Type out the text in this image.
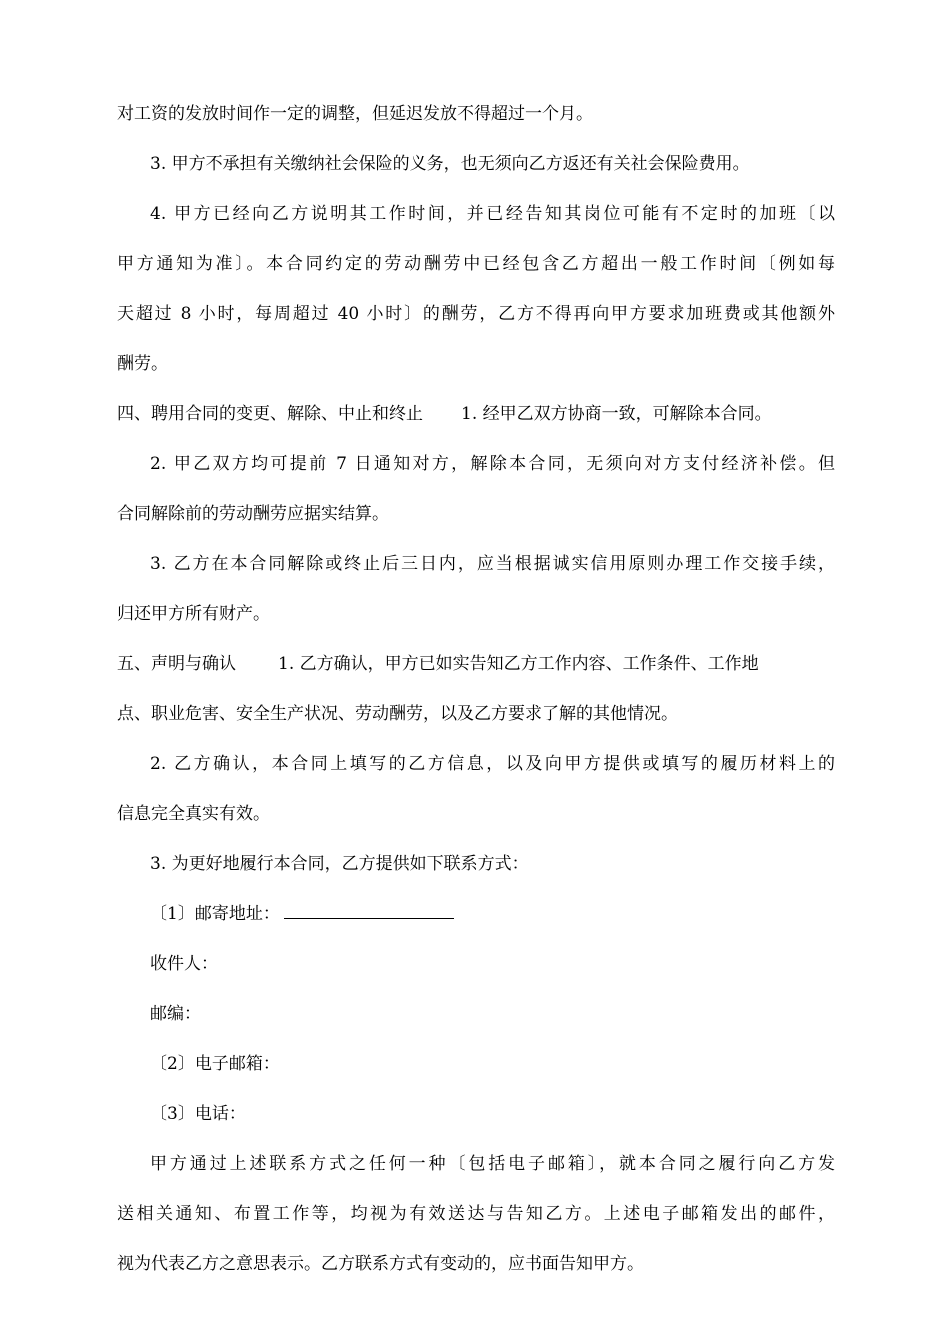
对工资的发放时间作一定的调整，但延迟发放不得超过一个月。
3. 甲方不承担有关缴纳社会保险的义务，也无须向乙方返还有关社会保险费用。
4. 甲方已经向乙方说明其工作时间，并已经告知其岗位可能有不定时的加班〔以
甲方通知为准〕。本合同约定的劳动酬劳中已经包含乙方超出一般工作时间〔例如每
天超过 8 小时，每周超过 40 小时〕的酬劳，乙方不得再向甲方要求加班费或其他额外
酬劳。
四、聘用合同的变更、解除、中止和终止 1. 经甲乙双方协商一致，可解除本合同。
2. 甲乙双方均可提前 7 日通知对方，解除本合同，无须向对方支付经济补偿。但
合同解除前的劳动酬劳应据实结算。
3. 乙方在本合同解除或终止后三日内，应当根据诚实信用原则办理工作交接手续，
归还甲方所有财产。
五、声明与确认 1. 乙方确认，甲方已如实告知乙方工作内容、工作条件、工作地
点、职业危害、安全生产状况、劳动酬劳，以及乙方要求了解的其他情况。
2. 乙方确认，本合同上填写的乙方信息，以及向甲方提供或填写的履历材料上的
信息完全真实有效。
3. 为更好地履行本合同，乙方提供如下联系方式：
〔1〕邮寄地址：
收件人：
邮编：
〔2〕电子邮箱：
〔3〕电话：
甲方通过上述联系方式之任何一种〔包括电子邮箱〕，就本合同之履行向乙方发
送相关通知、布置工作等，均视为有效送达与告知乙方。上述电子邮箱发出的邮件，
视为代表乙方之意思表示。乙方联系方式有变动的，应书面告知甲方。
